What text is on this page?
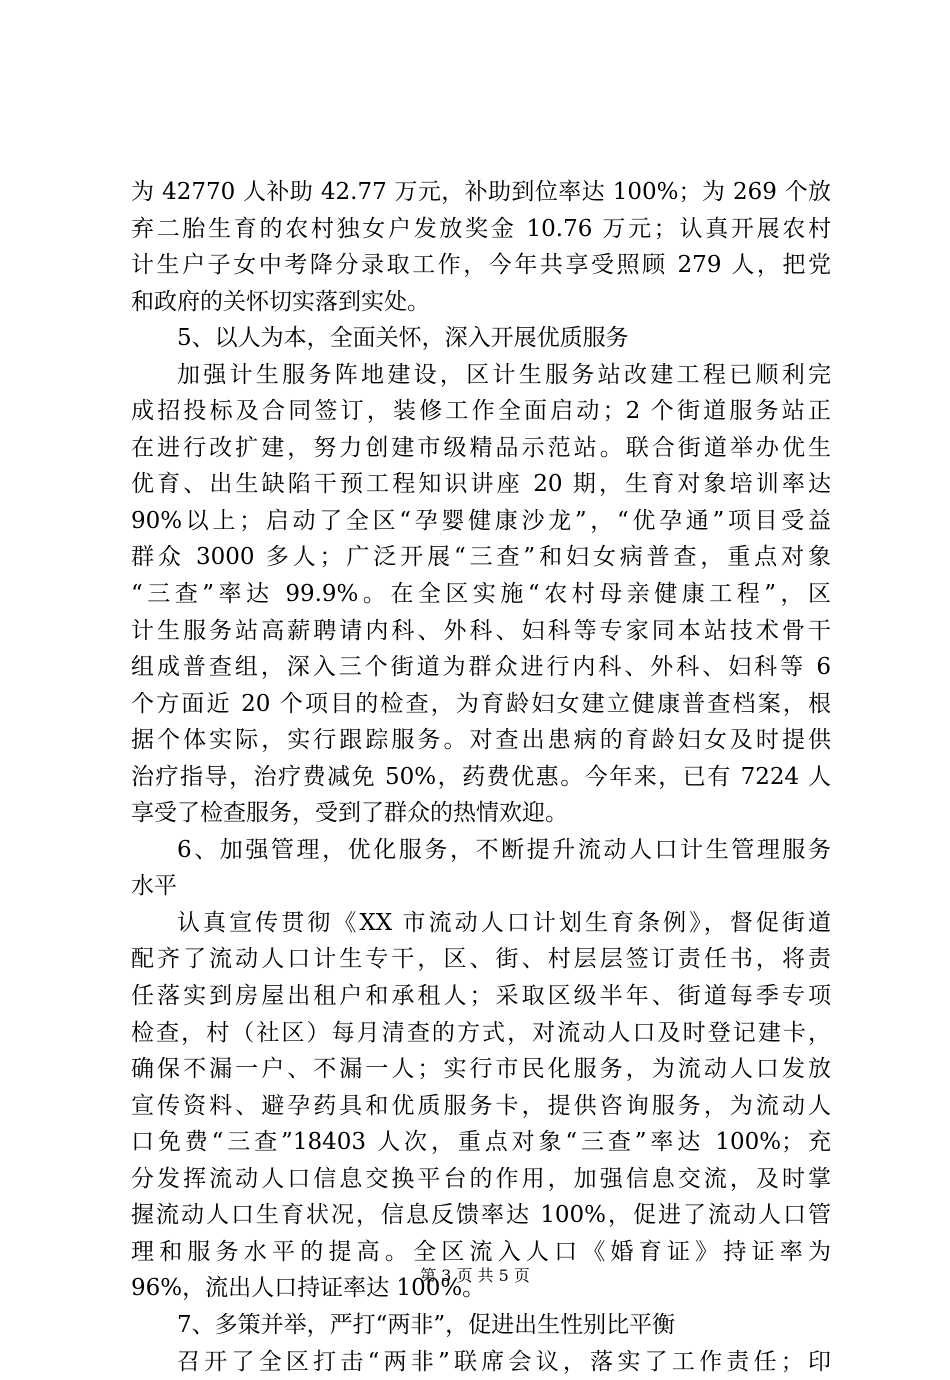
为 42770 人补助 42.77 万元，补助到位率达 100%；为 269 个放
弃二胎生育的农村独女户发放奖金 10.76 万元；认真开展农村
计生户子女中考降分录取工作，今年共享受照顾 279 人，把党
和政府的关怀切实落到实处。
5、以人为本，全面关怀，深入开展优质服务
加强计生服务阵地建设，区计生服务站改建工程已顺利完
成招投标及合同签订，装修工作全面启动；2 个街道服务站正
在进行改扩建，努力创建市级精品示范站。联合街道举办优生
优育、出生缺陷干预工程知识讲座 20 期，生育对象培训率达
90%以上；启动了全区“孕婴健康沙龙”，“优孕通”项目受益
群众 3000 多人；广泛开展“三查”和妇女病普查，重点对象
“三查”率达 99.9%。在全区实施“农村母亲健康工程”，区
计生服务站高薪聘请内科、外科、妇科等专家同本站技术骨干
组成普查组，深入三个街道为群众进行内科、外科、妇科等 6
个方面近 20 个项目的检查，为育龄妇女建立健康普查档案，根
据个体实际，实行跟踪服务。对查出患病的育龄妇女及时提供
治疗指导，治疗费减免 50%，药费优惠。今年来，已有 7224 人
享受了检查服务，受到了群众的热情欢迎。
6、加强管理，优化服务，不断提升流动人口计生管理服务
水平
认真宣传贯彻《XX 市流动人口计划生育条例》，督促街道
配齐了流动人口计生专干，区、街、村层层签订责任书，将责
任落实到房屋出租户和承租人；采取区级半年、街道每季专项
检查，村（社区）每月清查的方式，对流动人口及时登记建卡，
确保不漏一户、不漏一人；实行市民化服务，为流动人口发放
宣传资料、避孕药具和优质服务卡，提供咨询服务，为流动人
口免费“三查”18403 人次，重点对象“三查”率达 100%；充
分发挥流动人口信息交换平台的作用，加强信息交流，及时掌
握流动人口生育状况，信息反馈率达 100%，促进了流动人口管
理和服务水平的提高。全区流入人口《婚育证》持证率为
96%，流出人口持证率达 100%。
7、多策并举，严打“两非”，促进出生性别比平衡
召开了全区打击“两非”联席会议，落实了工作责任；印
第 3 页 共 5 页
